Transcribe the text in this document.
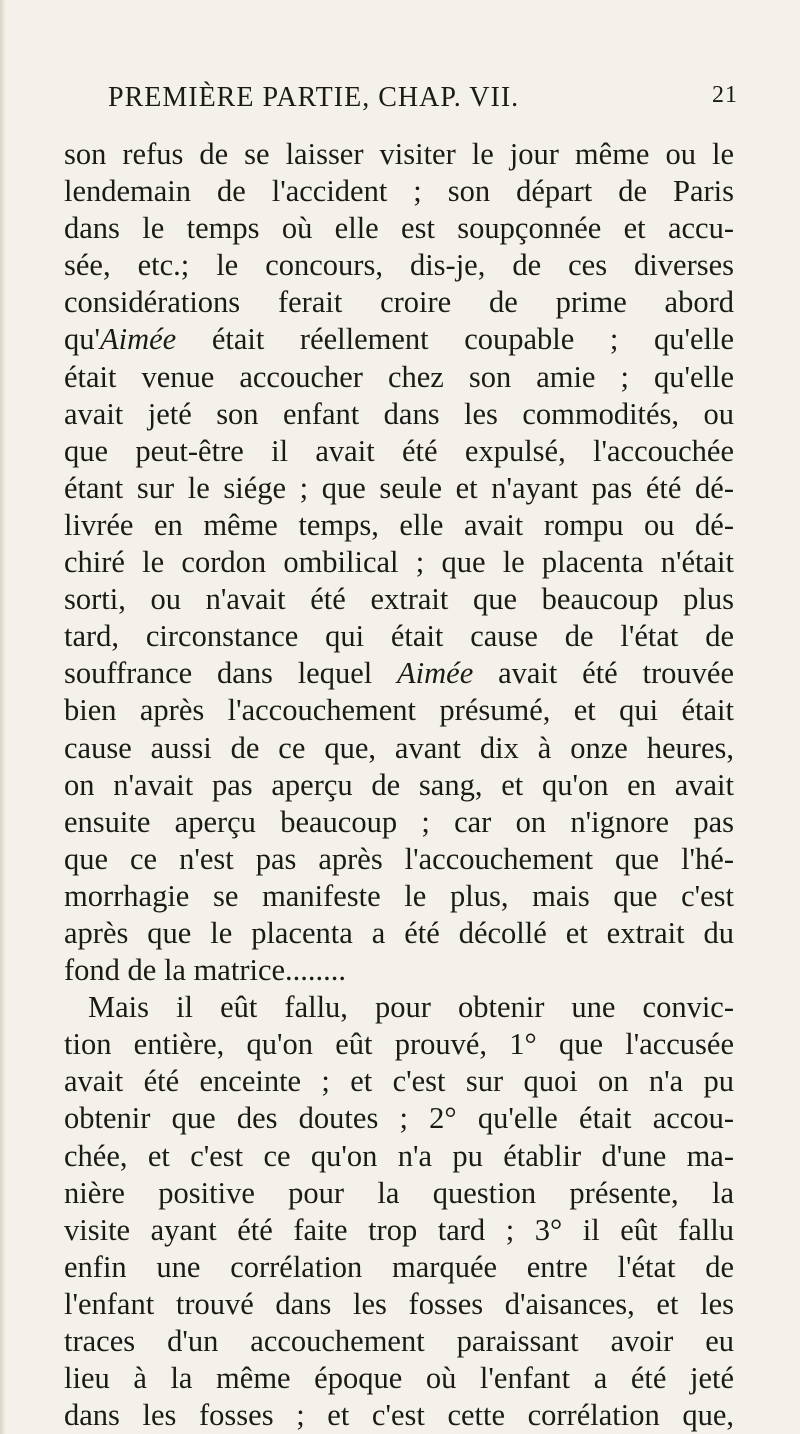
PREMIÈRE PARTIE, CHAP. VII.	21
son refus de se laisser visiter le jour même ou le
lendemain de l'accident ; son départ de Paris
dans le temps où elle est soupçonnée et accu-
sée, etc.; le concours, dis-je, de ces diverses
considérations ferait croire de prime abord
qu'Aimée était réellement coupable ; qu'elle
était venue accoucher chez son amie ; qu'elle
avait jeté son enfant dans les commodités, ou
que peut-être il avait été expulsé, l'accouchée
étant sur le siége ; que seule et n'ayant pas été dé-
livrée en même temps, elle avait rompu ou dé-
chiré le cordon ombilical ; que le placenta n'était
sorti, ou n'avait été extrait que beaucoup plus
tard, circonstance qui était cause de l'état de
souffrance dans lequel Aimée avait été trouvée
bien après l'accouchement présumé, et qui était
cause aussi de ce que, avant dix à onze heures,
on n'avait pas aperçu de sang, et qu'on en avait
ensuite aperçu beaucoup ; car on n'ignore pas
que ce n'est pas après l'accouchement que l'hé-
morrhagie se manifeste le plus, mais que c'est
après que le placenta a été décollé et extrait du
fond de la matrice........
Mais il eût fallu, pour obtenir une convic-
tion entière, qu'on eût prouvé, 1° que l'accusée
avait été enceinte ; et c'est sur quoi on n'a pu
obtenir que des doutes ; 2° qu'elle était accou-
chée, et c'est ce qu'on n'a pu établir d'une ma-
nière positive pour la question présente, la
visite ayant été faite trop tard ; 3° il eût fallu
enfin une corrélation marquée entre l'état de
l'enfant trouvé dans les fosses d'aisances, et les
traces d'un accouchement paraissant avoir eu
lieu à la même époque où l'enfant a été jeté
dans les fosses ; et c'est cette corrélation que,
